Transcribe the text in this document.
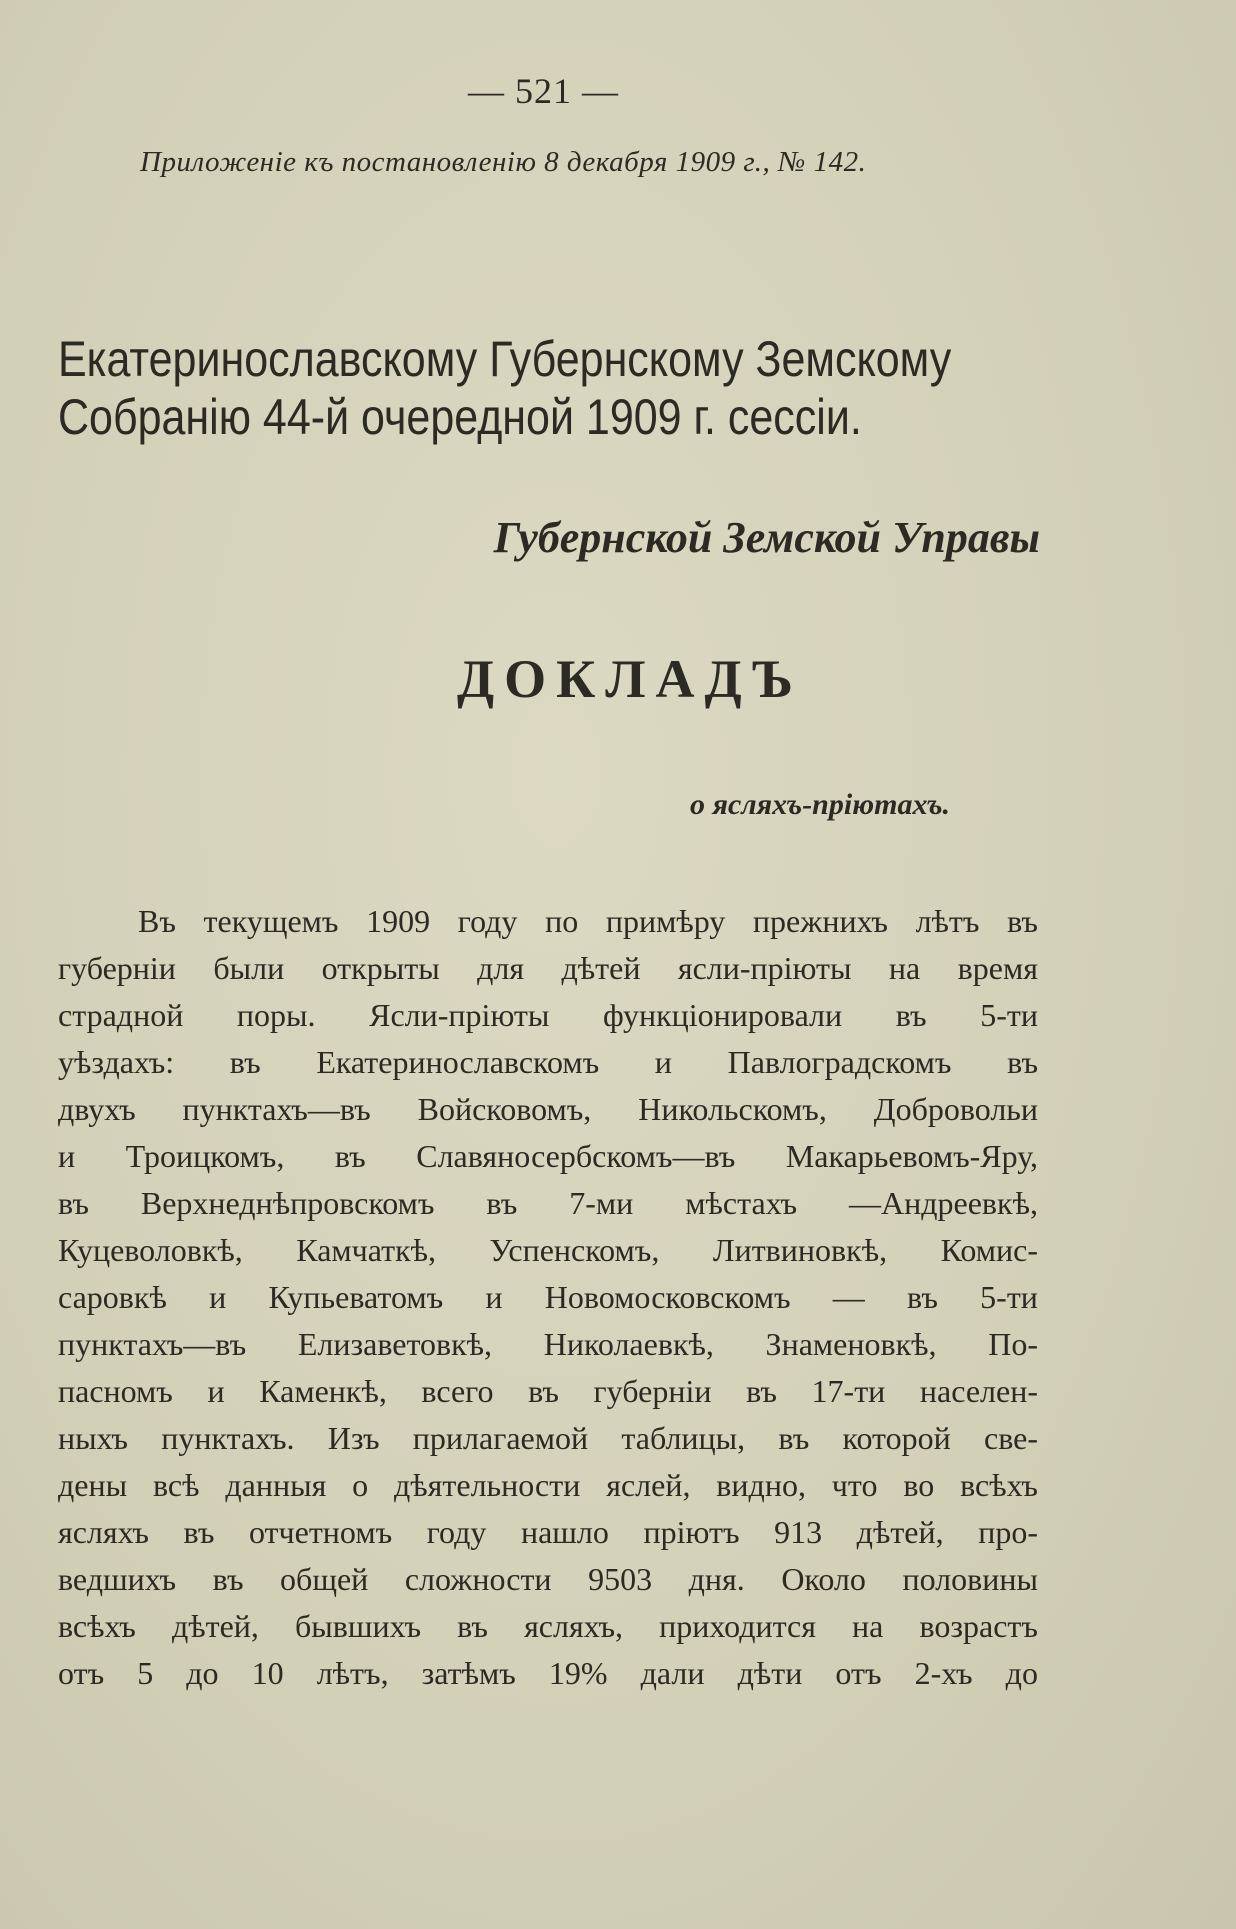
— 521 —
Приложенiе къ постановленiю 8 декабря 1909 г., № 142.
Екатеринославскому Губернскому Земскому
Собранiю 44-й очередной 1909 г. сессiи.
Губернской Земской Управы
ДОКЛАДЪ
о ясляхъ-прiютахъ.
Въ текущемъ 1909 году по примѣру прежнихъ лѣтъ въ
губернiи были открыты для дѣтей ясли-прiюты на время
страдной поры. Ясли-прiюты функцiонировали въ 5-ти
уѣздахъ: въ Екатеринославскомъ и Павлоградскомъ въ
двухъ пунктахъ—въ Войсковомъ, Никольскомъ, Добровольи
и Троицкомъ, въ Славяносербскомъ—въ Макарьевомъ-Яру,
въ Верхнеднѣпровскомъ въ 7-ми мѣстахъ —Андреевкѣ,
Куцеволовкѣ, Камчаткѣ, Успенскомъ, Литвиновкѣ, Комис-
саровкѣ и Купьеватомъ и Новомосковскомъ — въ 5-ти
пунктахъ—въ Елизаветовкѣ, Николаевкѣ, Знаменовкѣ, По-
пасномъ и Каменкѣ, всего въ губернiи въ 17-ти населен-
ныхъ пунктахъ. Изъ прилагаемой таблицы, въ которой све-
дены всѣ данныя о дѣятельности яслей, видно, что во всѣхъ
ясляхъ въ отчетномъ году нашло прiютъ 913 дѣтей, про-
ведшихъ въ общей сложности 9503 дня. Около половины
всѣхъ дѣтей, бывшихъ въ ясляхъ, приходится на возрастъ
отъ 5 до 10 лѣтъ, затѣмъ 19% дали дѣти отъ 2-хъ до
